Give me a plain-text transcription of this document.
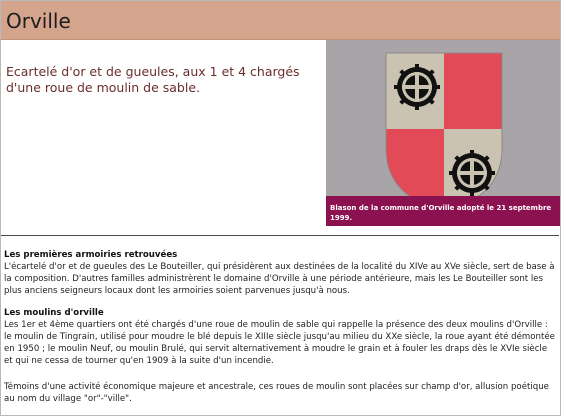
Orville
Ecartelé d'or et de gueules, aux 1 et 4 chargés d'une roue de moulin de sable.
Blason de la commune d'Orville adopté le 21 septembre 1999.
Les premières armoiries retrouvées

L'écartelé d'or et de gueules des Le Bouteiller, qui présidèrent aux destinées de la localité du XIVe au XVe siècle, sert de base à la composition. D'autres familles administrèrent le domaine d'Orville à une période antérieure, mais les Le Bouteiller sont les plus anciens seigneurs locaux dont les armoiries soient parvenues jusqu'à nous.

Les moulins d'orville

Les 1er et 4ème quartiers ont été chargés d'une roue de moulin de sable qui rappelle la présence des deux moulins d'Orville : le moulin de Tingrain, utilisé pour moudre le blé depuis le XIIIe siècle jusqu'au milieu du XXe siècle, la roue ayant été démontée en 1950 ; le moulin Neuf, ou moulin Brulé, qui servit alternativement à moudre le grain et à fouler les draps dès le XVIe siècle et qui ne cessa de tourner qu'en 1909 à la suite d'un incendie.

Témoins d'une activité économique majeure et ancestrale, ces roues de moulin sont placées sur champ d'or, allusion poétique au nom du village "or"-"ville".
